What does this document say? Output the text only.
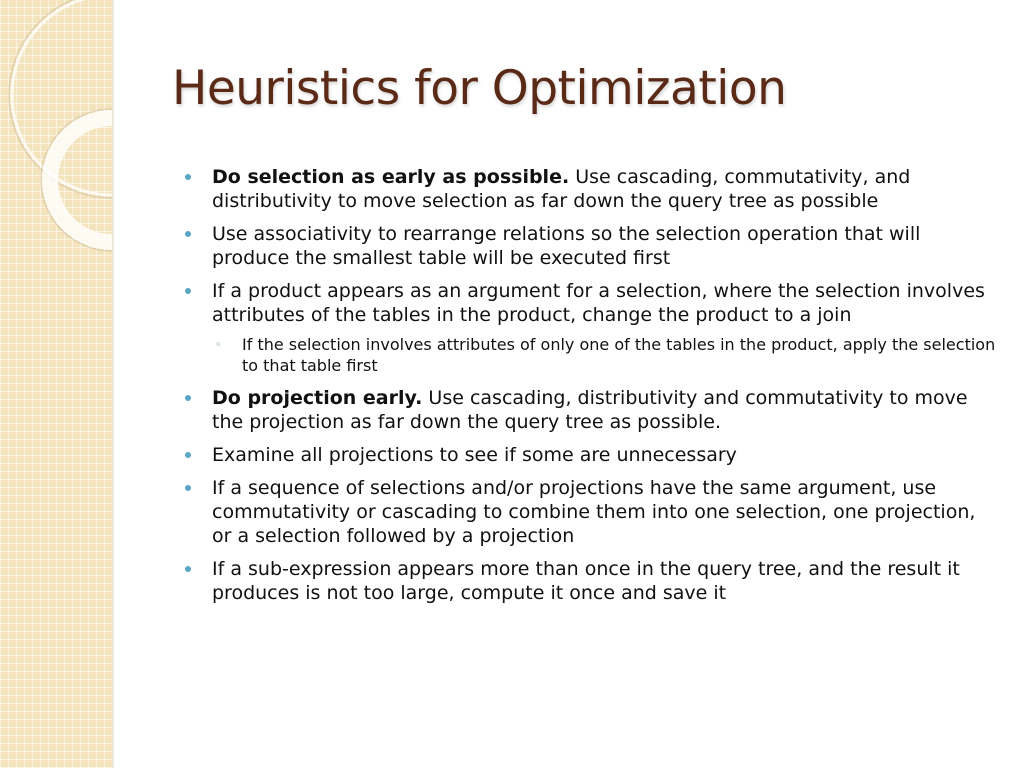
Heuristics for Optimization
Do selection as early as possible. Use cascading, commutativity, and distributivity to move selection as far down the query tree as possible
Use associativity to rearrange relations so the selection operation that will produce the smallest table will be executed first
If a product appears as an argument for a selection, where the selection involves attributes of the tables in the product, change the product to a join
◦ If the selection involves attributes of only one of the tables in the product, apply the selection to that table first
Do projection early. Use cascading, distributivity and commutativity to move the projection as far down the query tree as possible.
Examine all projections to see if some are unnecessary
If a sequence of selections and/or projections have the same argument, use commutativity or cascading to combine them into one selection, one projection, or a selection followed by a projection
If a sub-expression appears more than once in the query tree, and the result it produces is not too large, compute it once and save it
